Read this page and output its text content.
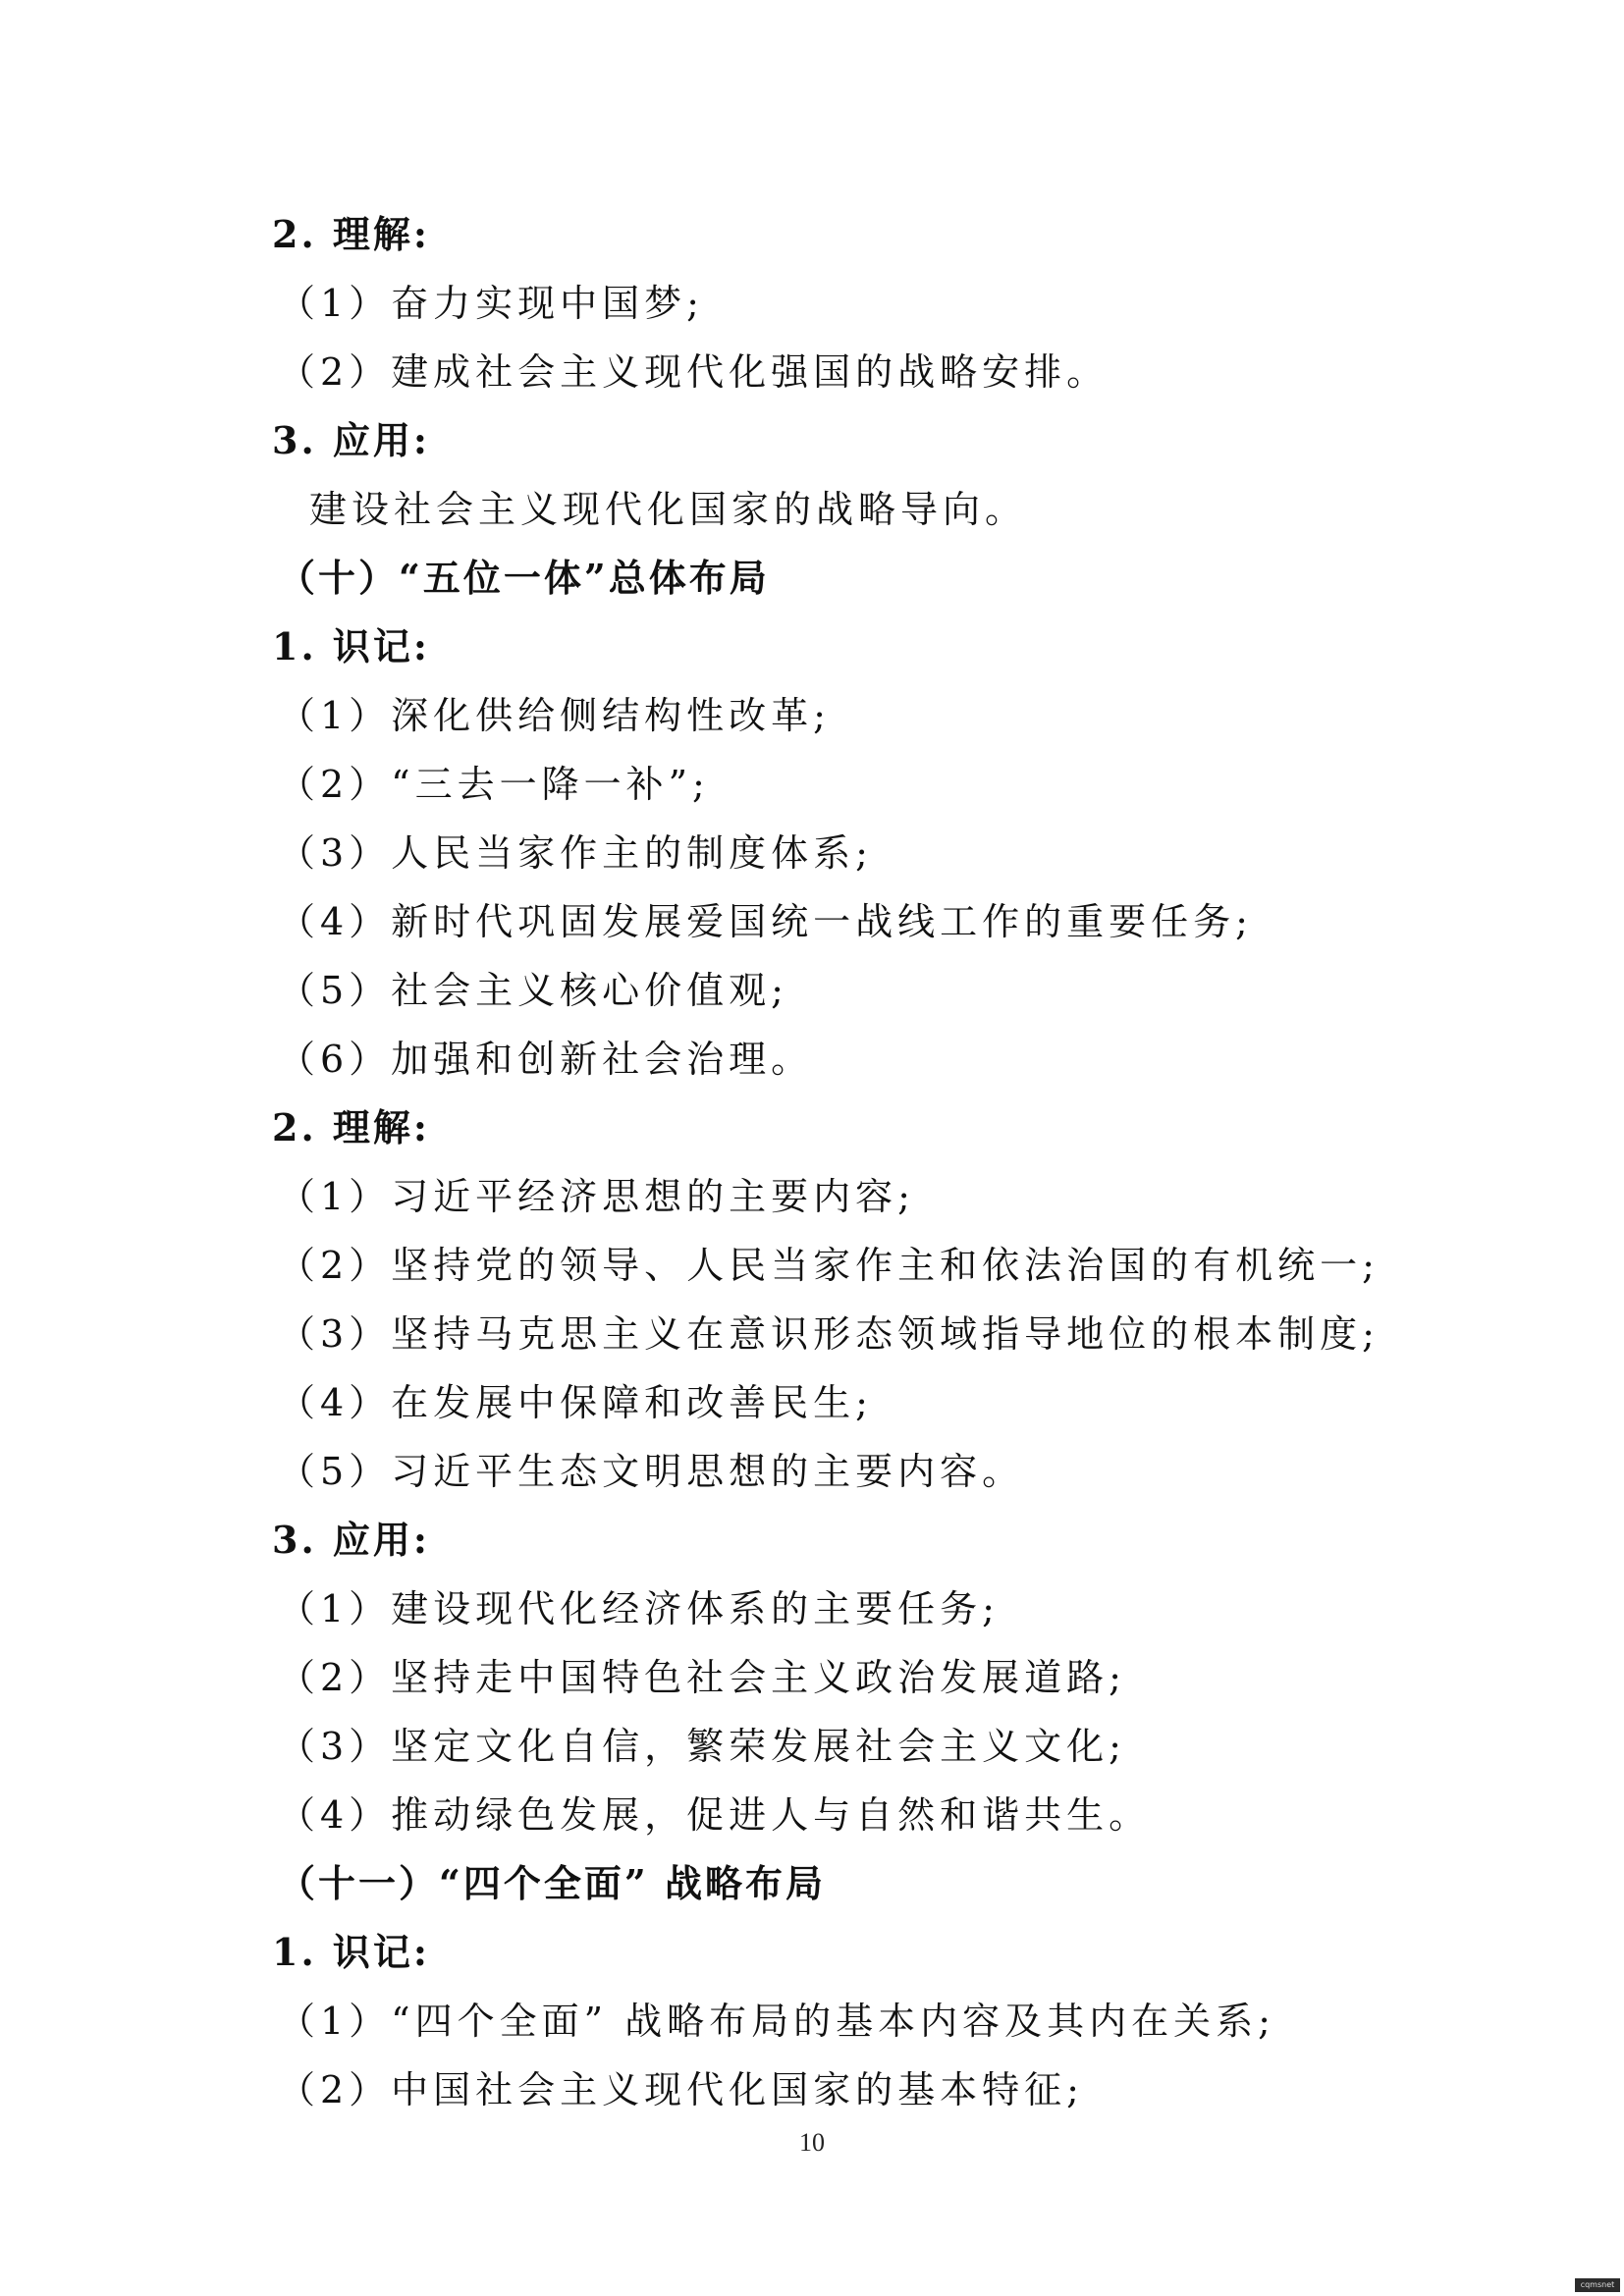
2. 理解:
（1）奋力实现中国梦;
（2）建成社会主义现代化强国的战略安排。
3. 应用:
建设社会主义现代化国家的战略导向。
（十）“五位一体”总体布局
1. 识记:
（1）深化供给侧结构性改革;
（2）“三去一降一补”;
（3）人民当家作主的制度体系;
（4）新时代巩固发展爱国统一战线工作的重要任务;
（5）社会主义核心价值观;
（6）加强和创新社会治理。
2. 理解:
（1）习近平经济思想的主要内容;
（2）坚持党的领导、人民当家作主和依法治国的有机统一;
（3）坚持马克思主义在意识形态领域指导地位的根本制度;
（4）在发展中保障和改善民生;
（5）习近平生态文明思想的主要内容。
3. 应用:
（1）建设现代化经济体系的主要任务;
（2）坚持走中国特色社会主义政治发展道路;
（3）坚定文化自信，繁荣发展社会主义文化;
（4）推动绿色发展，促进人与自然和谐共生。
（十一）“四个全面” 战略布局
1. 识记:
（1）“四个全面” 战略布局的基本内容及其内在关系;
（2）中国社会主义现代化国家的基本特征;
10
cqmsnet
